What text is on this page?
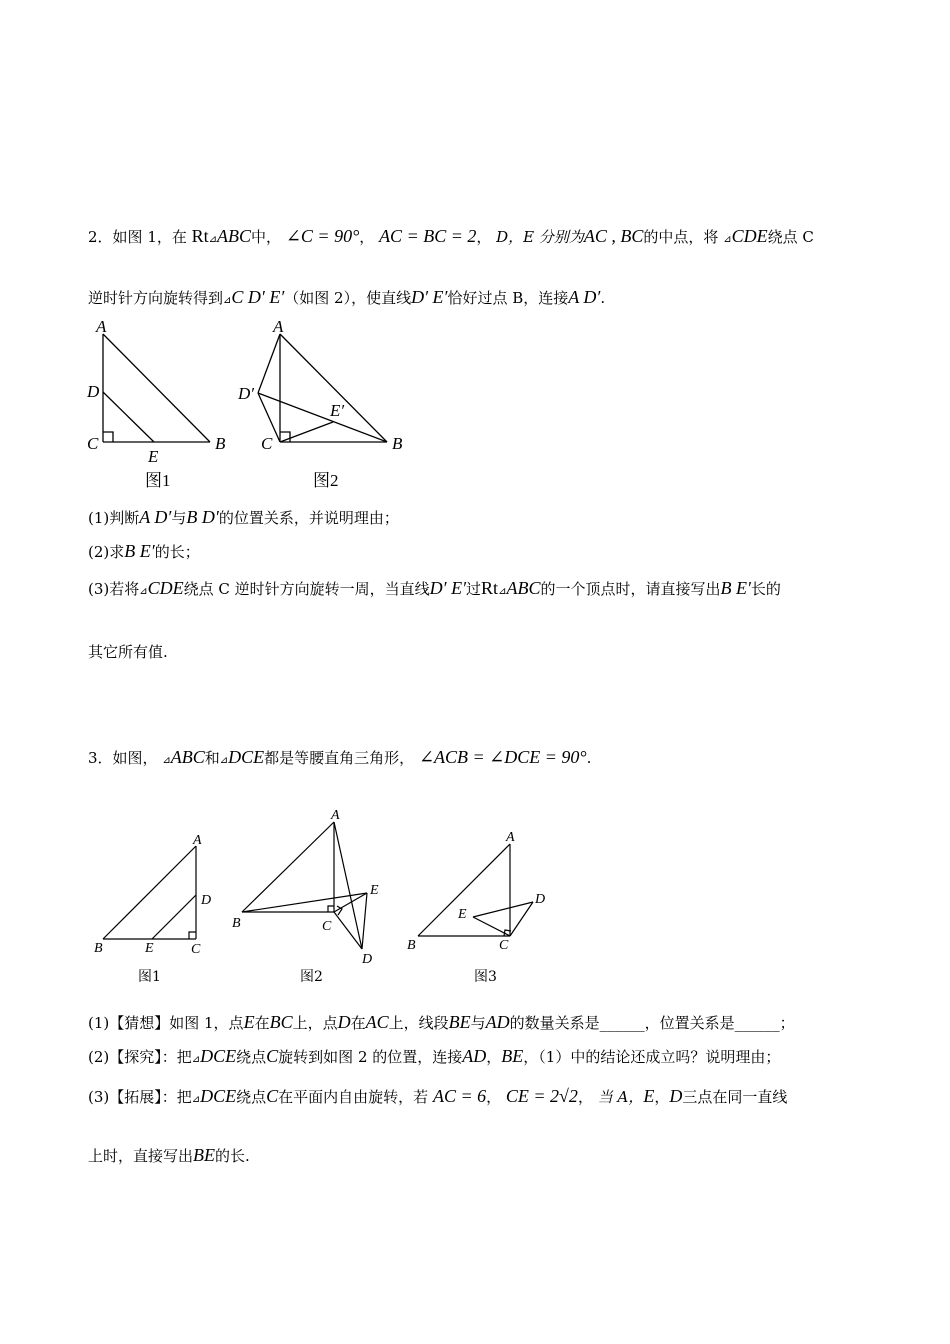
2．如图 1，在 Rt⊿ABC中， ∠C = 90°， AC = BC = 2， D，E 分别为AC , BC的中点，将 ⊿CDE绕点 C
逆时针方向旋转得到⊿C D′ E′（如图 2），使直线D′ E′恰好过点 B，连接A D′.
A
D
C
E
B
图1
A
D′
E′
C	B
图2
(1)判断A D′与B D′的位置关系，并说明理由；
(2)求B E′的长；
(3)若将⊿CDE绕点 C 逆时针方向旋转一周，当直线D′ E′过Rt⊿ABC的一个顶点时，请直接写出B E′长的
其它所有值.
3．如图， ⊿ABC和⊿DCE都是等腰直角三角形， ∠ACB = ∠DCE = 90°.
A
D
B	E	C
图1
A
B	C
E
D
图2
A
E
D
B	C
图3
(1)【猜想】如图 1，点E在BC上，点D在AC上，线段BE与AD的数量关系是______，位置关系是______；
(2)【探究】：把⊿DCE绕点C旋转到如图 2 的位置，连接AD，BE，（1）中的结论还成立吗？说明理由；
(3)【拓展】：把⊿DCE绕点C在平面内自由旋转，若 AC = 6， CE = 2√2， 当 A，E，D三点在同一直线
上时，直接写出BE的长.
